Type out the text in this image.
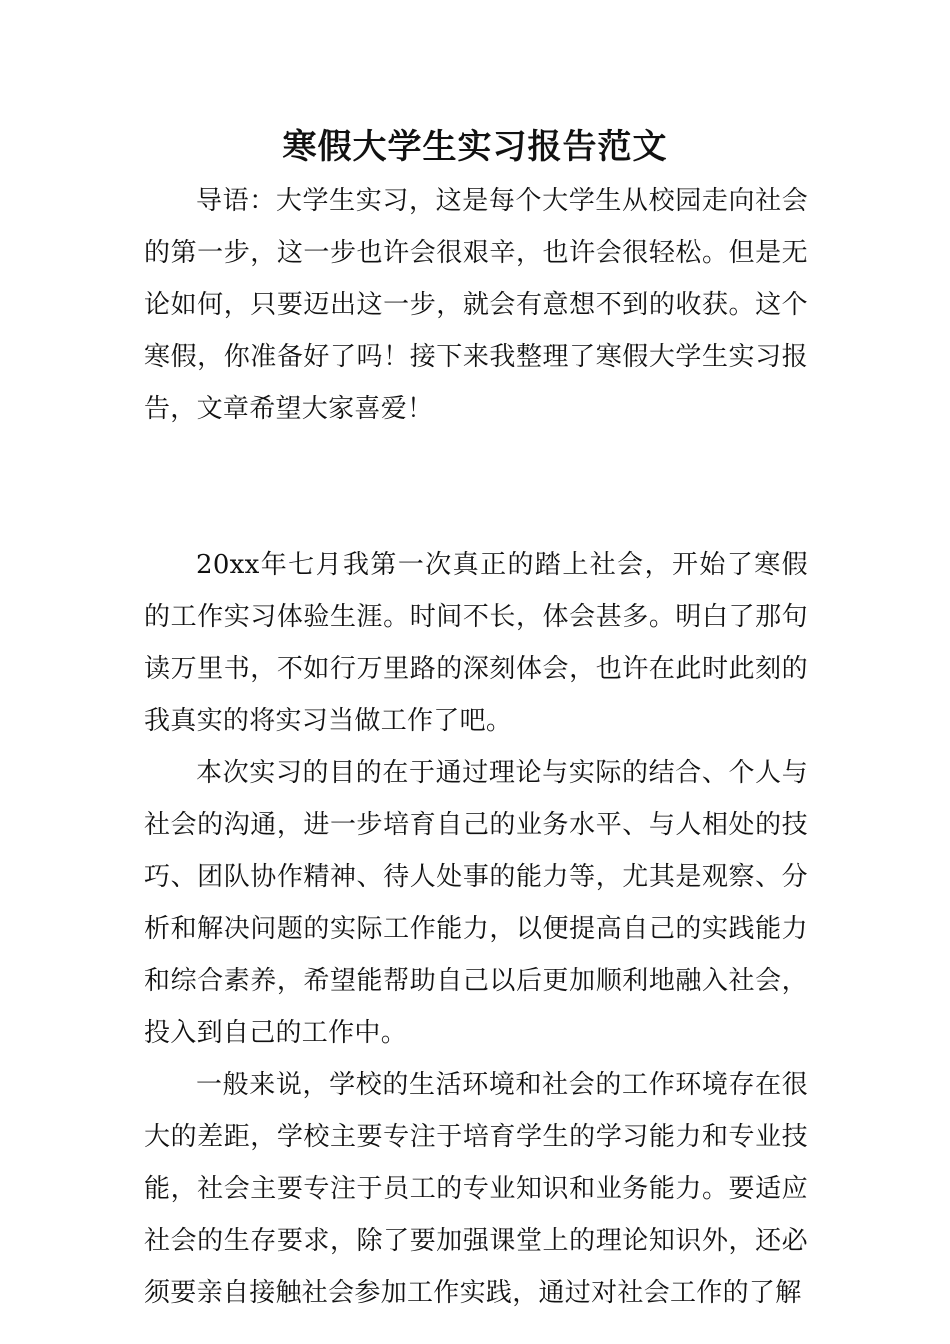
寒假大学生实习报告范文

导语：大学生实习，这是每个大学生从校园走向社会的第一步，这一步也许会很艰辛，也许会很轻松。但是无论如何，只要迈出这一步，就会有意想不到的收获。这个寒假，你准备好了吗！接下来我整理了寒假大学生实习报告，文章希望大家喜爱！

20xx年七月我第一次真正的踏上社会，开始了寒假的工作实习体验生涯。时间不长，体会甚多。明白了那句读万里书，不如行万里路的深刻体会，也许在此时此刻的我真实的将实习当做工作了吧。

本次实习的目的在于通过理论与实际的结合、个人与社会的沟通，进一步培育自己的业务水平、与人相处的技巧、团队协作精神、待人处事的能力等，尤其是观察、分析和解决问题的实际工作能力，以便提高自己的实践能力和综合素养，希望能帮助自己以后更加顺利地融入社会，投入到自己的工作中。

一般来说，学校的生活环境和社会的工作环境存在很大的差距，学校主要专注于培育学生的学习能力和专业技能，社会主要专注于员工的专业知识和业务能力。要适应社会的生存要求，除了要加强课堂上的理论知识外，还必须要亲自接触社会参加工作实践，通过对社会工作的了解
